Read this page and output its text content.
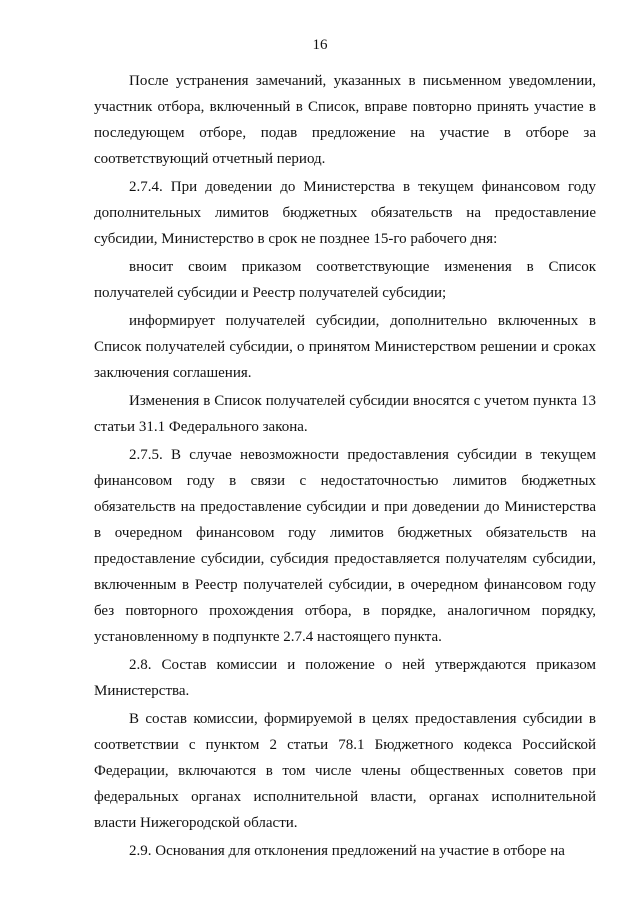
16

После устранения замечаний, указанных в письменном уведомлении, участник отбора, включенный в Список, вправе повторно принять участие в последующем отборе, подав предложение на участие в отборе за соответствующий отчетный период.

2.7.4. При доведении до Министерства в текущем финансовом году дополнительных лимитов бюджетных обязательств на предоставление субсидии, Министерство в срок не позднее 15-го рабочего дня:

вносит своим приказом соответствующие изменения в Список получателей субсидии и Реестр получателей субсидии;

информирует получателей субсидии, дополнительно включенных в Список получателей субсидии, о принятом Министерством решении и сроках заключения соглашения.

Изменения в Список получателей субсидии вносятся с учетом пункта 13 статьи 31.1 Федерального закона.

2.7.5. В случае невозможности предоставления субсидии в текущем финансовом году в связи с недостаточностью лимитов бюджетных обязательств на предоставление субсидии и при доведении до Министерства в очередном финансовом году лимитов бюджетных обязательств на предоставление субсидии, субсидия предоставляется получателям субсидии, включенным в Реестр получателей субсидии, в очередном финансовом году без повторного прохождения отбора, в порядке, аналогичном порядку, установленному в подпункте 2.7.4 настоящего пункта.

2.8. Состав комиссии и положение о ней утверждаются приказом Министерства.

В состав комиссии, формируемой в целях предоставления субсидии в соответствии с пунктом 2 статьи 78.1 Бюджетного кодекса Российской Федерации, включаются в том числе члены общественных советов при федеральных органах исполнительной власти, органах исполнительной власти Нижегородской области.

2.9. Основания для отклонения предложений на участие в отборе на
